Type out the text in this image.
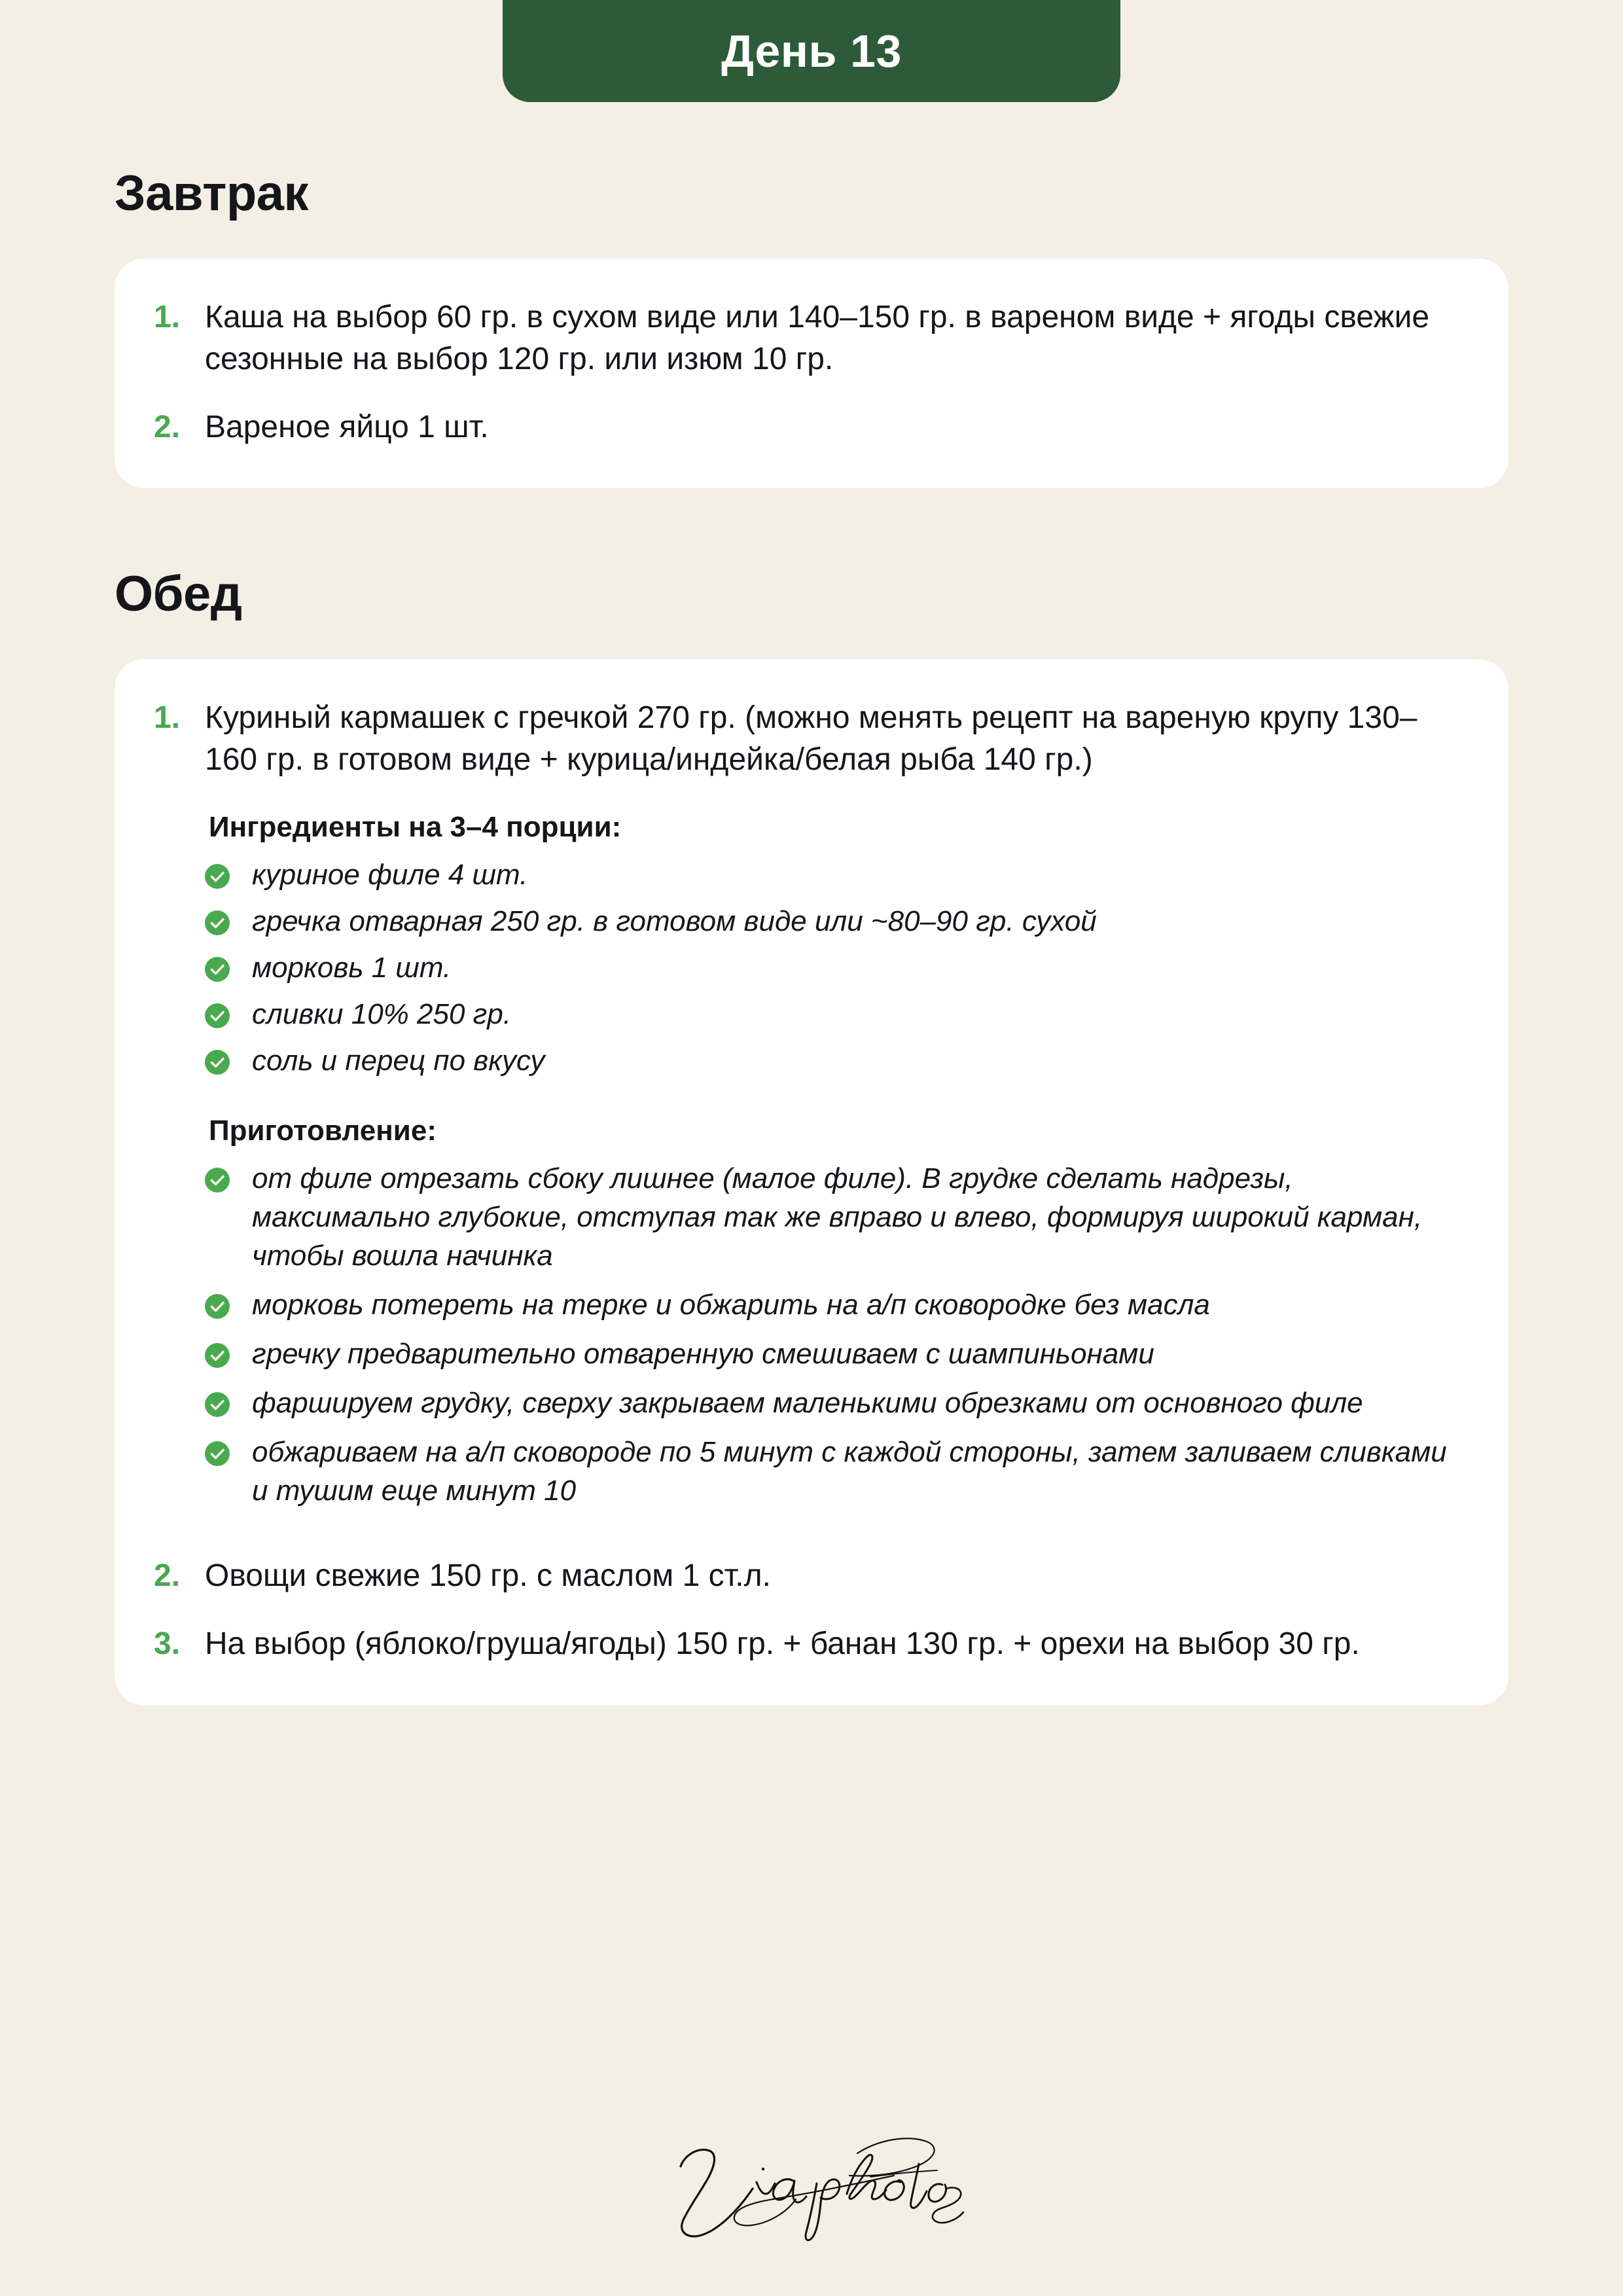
День 13
Завтрак
1. Каша на выбор 60 гр. в сухом виде или 140–150 гр. в вареном виде + ягоды свежие сезонные на выбор 120 гр. или изюм 10 гр.

2. Вареное яйцо 1 шт.

Обед
1. Куриный кармашек с гречкой 270 гр. (можно менять рецепт на вареную крупу 130–160 гр. в готовом виде + курица/индейка/белая рыба 140 гр.)

Ингредиенты на 3–4 порции:
куриное филе 4 шт.
гречка отварная 250 гр. в готовом виде или ~80–90 гр. сухой
морковь 1 шт.
сливки 10% 250 гр.
соль и перец по вкусу
Приготовление:
от филе отрезать сбоку лишнее (малое филе). В грудке сделать надрезы, максимально глубокие, отступая так же вправо и влево, формируя широкий карман, чтобы вошла начинка
морковь потереть на терке и обжарить на а/п сковородке без масла
гречку предварительно отваренную смешиваем с шампиньонами
фаршируем грудку, сверху закрываем маленькими обрезками от основного филе
обжариваем на а/п сковороде по 5 минут с каждой стороны, затем заливаем сливками и тушим еще минут 10
2. Овощи свежие 150 гр. с маслом 1 ст.л.

3. На выбор (яблоко/груша/ягоды) 150 гр. + банан 130 гр. + орехи на выбор 30 гр.
